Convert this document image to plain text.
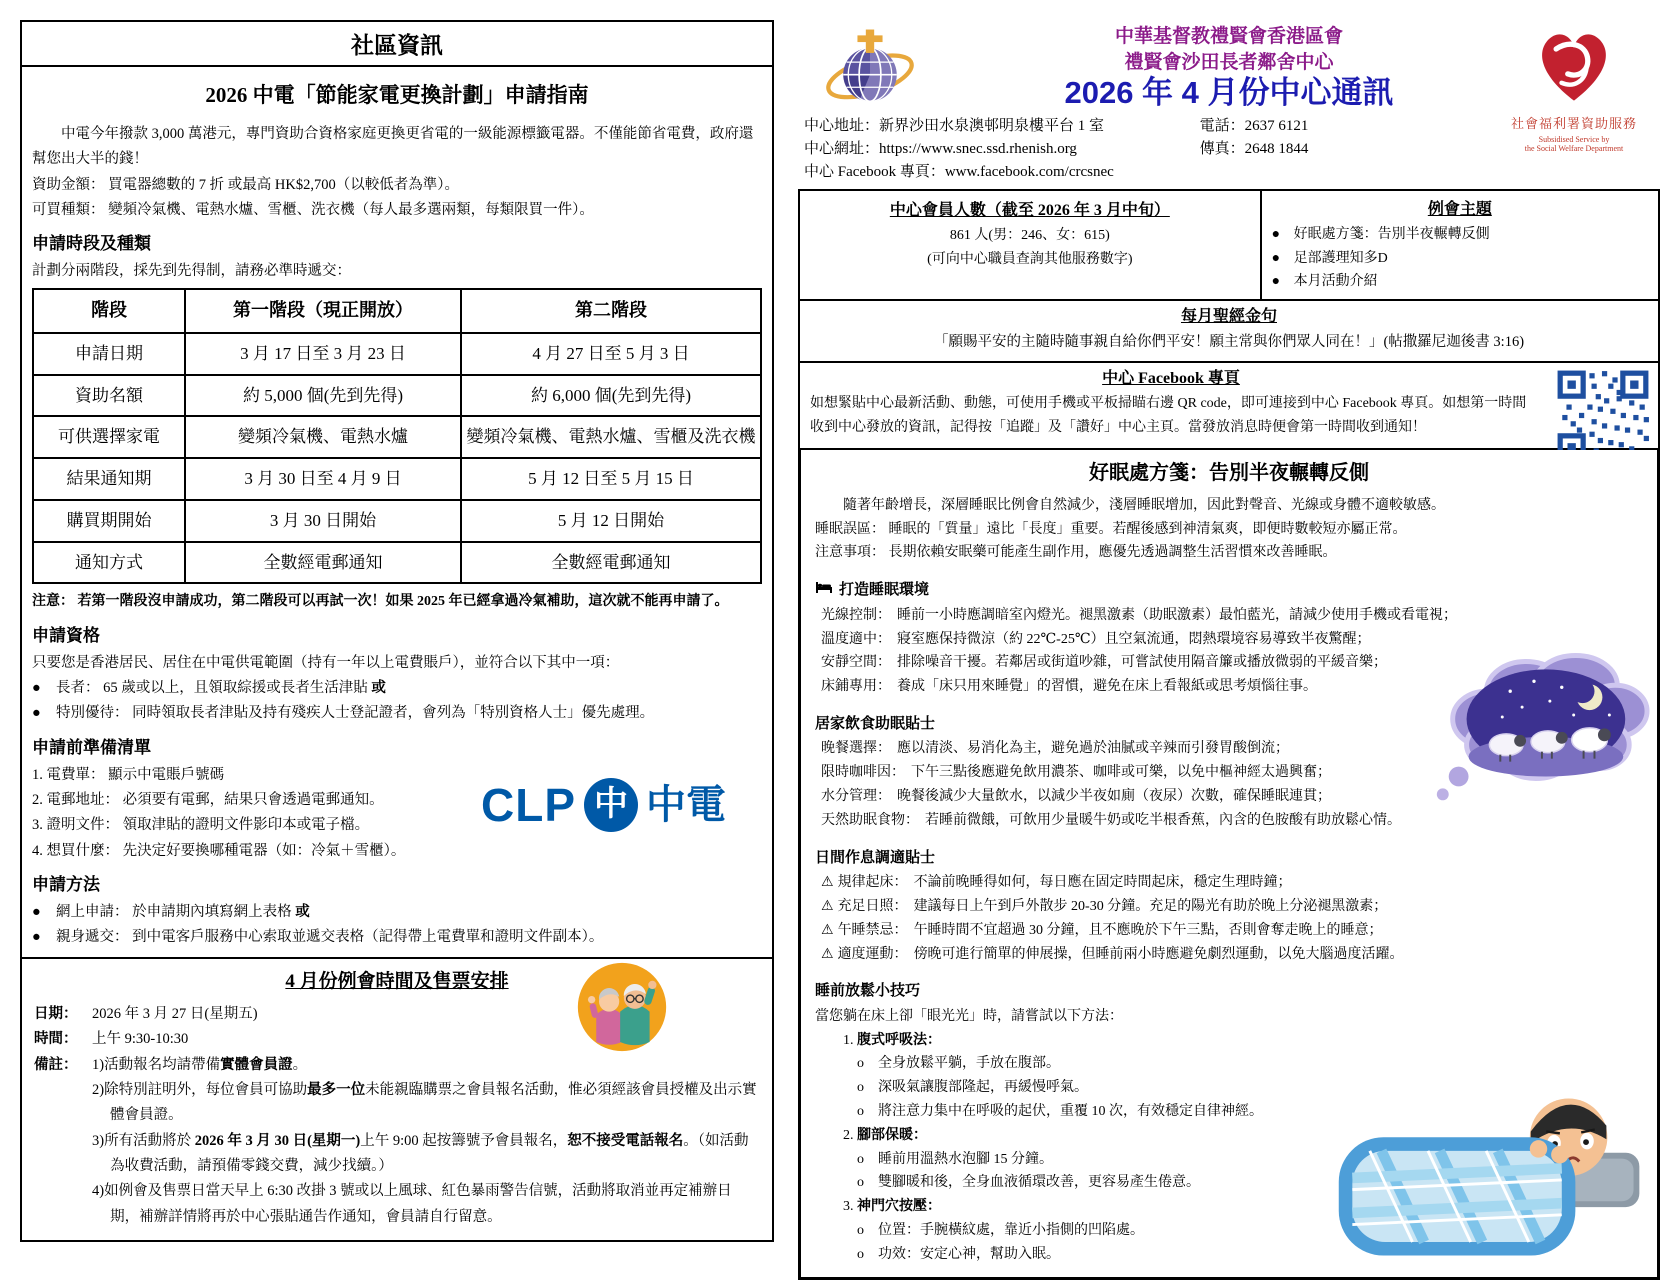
社區資訊
2026 中電「節能家電更換計劃」申請指南

中電今年撥款 3,000 萬港元，專門資助合資格家庭更換更省電的一級能源標籤電器。不僅能節省電費，政府還幫您出大半的錢！

資助金額： 買電器總數的 7 折 或最高 HK$2,700（以較低者為準）。

可買種類： 變頻冷氣機、電熱水爐、雪櫃、洗衣機（每人最多選兩類，每類限買一件）。

申請時段及種類

計劃分兩階段，採先到先得制，請務必準時遞交：

階段	第一階段（現正開放）	第二階段
申請日期	3 月 17 日至 3 月 23 日	4 月 27 日至 5 月 3 日
資助名額	約 5,000 個(先到先得)	約 6,000 個(先到先得)
可供選擇家電	變頻冷氣機、電熱水爐	變頻冷氣機、電熱水爐、雪櫃及洗衣機
結果通知期	3 月 30 日至 4 月 9 日	5 月 12 日至 5 月 15 日
購買期開始	3 月 30 日開始	5 月 12 日開始
通知方式	全數經電郵通知	全數經電郵通知
注意： 若第一階段沒申請成功，第二階段可以再試一次！如果 2025 年已經拿過冷氣補助，這次就不能再申請了。
申請資格

只要您是香港居民、居住在中電供電範圍（持有一年以上電費賬戶），並符合以下其中一項：

●	長者： 65 歲或以上，且領取綜援或長者生活津貼 或
●	特別優待： 同時領取長者津貼及持有殘疾人士登記證者，會列為「特別資格人士」優先處理。
申請前準備清單
1. 電費單： 顯示中電賬戶號碼
2. 電郵地址： 必須要有電郵，結果只會透過電郵通知。
3. 證明文件： 領取津貼的證明文件影印本或電子檔。
4. 想買什麼： 先決定好要換哪種電器（如：冷氣＋雪櫃）。
CLP 中 中電
申請方法
●	網上申請： 於申請期內填寫網上表格 或
●	親身遞交： 到中電客戶服務中心索取並遞交表格（記得帶上電費單和證明文件副本）。
4 月份例會時間及售票安排
日期：	2026 年 3 月 27 日(星期五)
時間：	上午 9:30-10:30
備註：	1)活動報名均請帶備實體會員證。
2)除特別註明外，每位會員可協助最多一位未能親臨購票之會員報名活動，惟必須經該會員授權及出示實體會員證。
3)所有活動將於 2026 年 3 月 30 日(星期一)上午 9:00 起按籌號予會員報名，恕不接受電話報名。（如活動為收費活動，請預備零錢交費，減少找續。）
4)如例會及售票日當天早上 6:30 改掛 3 號或以上風球、紅色暴雨警告信號，活動將取消並再定補辦日期，補辦詳情將再於中心張貼通告作通知，會員請自行留意。
社會福利署資助服務
Subsidised Service by
the Social Welfare Department
中華基督教禮賢會香港區會
禮賢會沙田長者鄰舍中心
2026 年 4 月份中心通訊
中心地址：新界沙田水泉澳邨明泉樓平台 1 室	電話：2637 6121
中心網址：https://www.snec.ssd.rhenish.org	傳真：2648 1844
中心 Facebook 專頁：www.facebook.com/crcsnec
中心會員人數（截至 2026 年 3 月中旬）
861 人(男：246、女：615)
(可向中心職員查詢其他服務數字)
例會主題
● 好眠處方箋：告別半夜輾轉反側
● 足部護理知多D
● 本月活動介紹
每月聖經金句
「願賜平安的主隨時隨事親自給你們平安！願主常與你們眾人同在！」(帖撒羅尼迦後書 3:16)
中心 Facebook 專頁
如想緊貼中心最新活動、動態，可使用手機或平板掃瞄右邊 QR code，即可連接到中心 Facebook 專頁。如想第一時間收到中心發放的資訊，記得按「追蹤」及「讚好」中心主頁。當發放消息時便會第一時間收到通知！
好眠處方箋：告別半夜輾轉反側

隨著年齡增長，深層睡眠比例會自然減少，淺層睡眠增加，因此對聲音、光線或身體不適較敏感。

睡眠誤區： 睡眠的「質量」遠比「長度」重要。若醒後感到神清氣爽，即便時數較短亦屬正常。
注意事項： 長期依賴安眠藥可能產生副作用，應優先透過調整生活習慣來改善睡眠。
打造睡眠環境
光線控制： 睡前一小時應調暗室內燈光。褪黑激素（助眠激素）最怕藍光，請減少使用手機或看電視；
溫度適中： 寢室應保持微涼（約 22℃-25℃）且空氣流通，悶熱環境容易導致半夜驚醒；
安靜空間： 排除噪音干擾。若鄰居或街道吵雜，可嘗試使用隔音簾或播放微弱的平緩音樂；
床鋪專用： 養成「床只用來睡覺」的習慣，避免在床上看報紙或思考煩惱往事。
居家飲食助眠貼士
晚餐選擇： 應以清淡、易消化為主，避免過於油膩或辛辣而引發胃酸倒流；
限時咖啡因： 下午三點後應避免飲用濃茶、咖啡或可樂，以免中樞神經太過興奮；
水分管理： 晚餐後減少大量飲水，以減少半夜如廁（夜尿）次數，確保睡眠連貫；
天然助眠食物： 若睡前微餓，可飲用少量暖牛奶或吃半根香蕉，內含的色胺酸有助放鬆心情。
日間作息調適貼士
⚠ 規律起床： 不論前晚睡得如何，每日應在固定時間起床，穩定生理時鐘；
⚠ 充足日照： 建議每日上午到戶外散步 20-30 分鐘。充足的陽光有助於晚上分泌褪黑激素；
⚠ 午睡禁忌： 午睡時間不宜超過 30 分鐘，且不應晚於下午三點，否則會奪走晚上的睡意；
⚠ 適度運動： 傍晚可進行簡單的伸展操，但睡前兩小時應避免劇烈運動，以免大腦過度活躍。
睡前放鬆小技巧
當您躺在床上卻「眼光光」時，請嘗試以下方法：
1. 腹式呼吸法：
o 全身放鬆平躺，手放在腹部。
o 深吸氣讓腹部隆起，再緩慢呼氣。
o 將注意力集中在呼吸的起伏，重覆 10 次，有效穩定自律神經。
2. 腳部保暖：
o 睡前用溫熱水泡腳 15 分鐘。
o 雙腳暖和後，全身血液循環改善，更容易產生倦意。
3. 神門穴按壓：
o 位置：手腕橫紋處，靠近小指側的凹陷處。
o 功效：安定心神，幫助入眠。
